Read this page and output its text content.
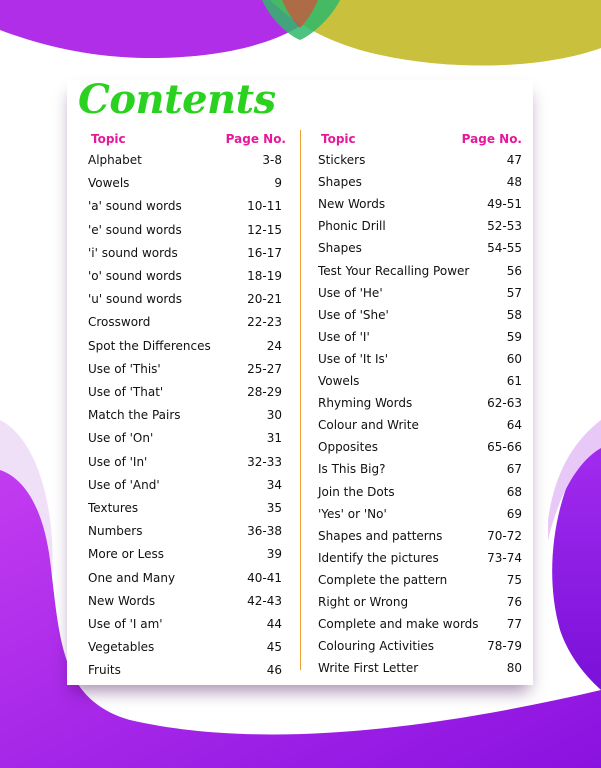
Contents
Topic	Page No.
Alphabet	3-8
Vowels	9
'a' sound words	10-11
'e' sound words	12-15
'i' sound words	16-17
'o' sound words	18-19
'u' sound words	20-21
Crossword	22-23
Spot the Differences	24
Use of 'This'	25-27
Use of 'That'	28-29
Match the Pairs	30
Use of 'On'	31
Use of 'In'	32-33
Use of 'And'	34
Textures	35
Numbers	36-38
More or Less	39
One and Many	40-41
New Words	42-43
Use of 'I am'	44
Vegetables	45
Fruits	46
Topic	Page No.
Stickers	47
Shapes	48
New Words	49-51
Phonic Drill	52-53
Shapes	54-55
Test Your Recalling Power	56
Use of 'He'	57
Use of 'She'	58
Use of 'I'	59
Use of 'It Is'	60
Vowels	61
Rhyming Words	62-63
Colour and Write	64
Opposites	65-66
Is This Big?	67
Join the Dots	68
'Yes' or 'No'	69
Shapes and patterns	70-72
Identify the pictures	73-74
Complete the pattern	75
Right or Wrong	76
Complete and make words 77
Colouring Activities	78-79
Write First Letter	80
